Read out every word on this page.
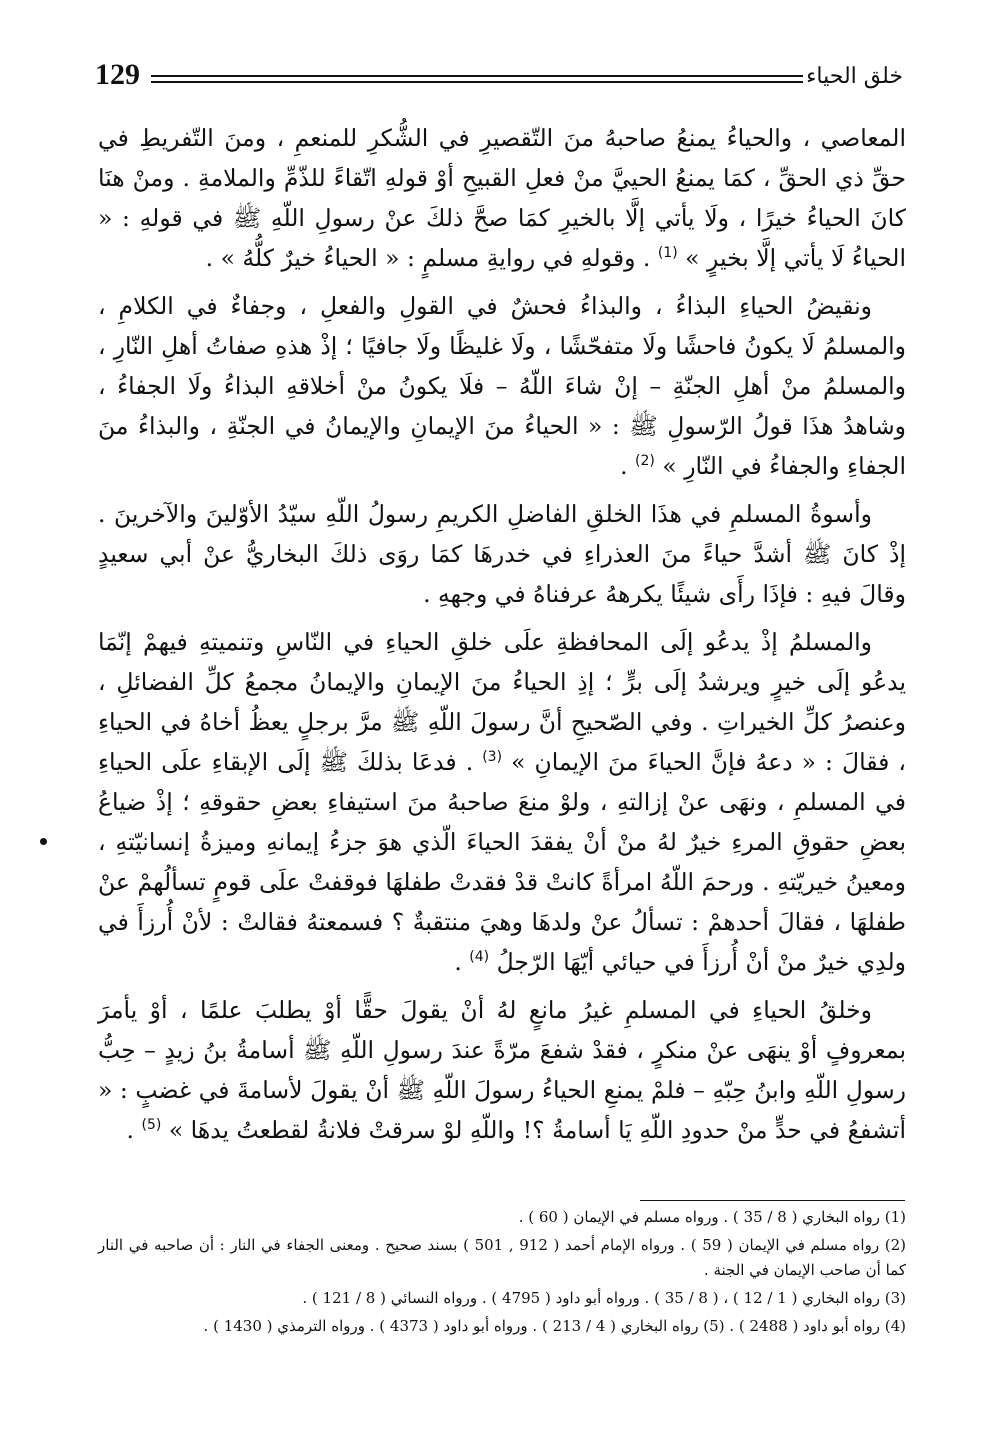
129	خلق الحياء

المعاصي ، والحياءُ يمنعُ صاحبهُ منَ التّقصيرِ في الشُّكرِ للمنعمِ ، ومنَ التّفريطِ في حقِّ ذي الحقِّ ، كمَا يمنعُ الحييَّ منْ فعلِ القبيحِ أوْ قولهِ اتّقاءً للذّمِّ والملامةِ . ومنْ هنَا كانَ الحياءُ خيرًا ، ولَا يأتي إلَّا بالخيرِ كمَا صحَّ ذلكَ عنْ رسولِ اللّهِ ﷺ في قولهِ : « الحياءُ لَا يأتي إلَّا بخيرٍ » $^{(1)}$ . وقولهِ في روايةِ مسلمٍ : « الحياءُ خيرٌ كلُّهُ » .

ونقيضُ الحياءِ البذاءُ ، والبذاءُ فحشٌ في القولِ والفعلِ ، وجفاءٌ في الكلامِ ، والمسلمُ لَا يكونُ فاحشًا ولَا متفحّشًا ، ولَا غليظًا ولَا جافيًا ؛ إذْ هذهِ صفاتُ أهلِ النّارِ ، والمسلمُ منْ أهلِ الجنّةِ – إنْ شاءَ اللّهُ – فلَا يكونُ منْ أخلاقهِ البذاءُ ولَا الجفاءُ ، وشاهدُ هذَا قولُ الرّسولِ ﷺ : « الحياءُ منَ الإيمانِ والإيمانُ في الجنّةِ ، والبذاءُ منَ الجفاءِ والجفاءُ في النّارِ » $^{(2)}$ .

وأسوةُ المسلمِ في هذَا الخلقِ الفاضلِ الكريمِ رسولُ اللّهِ سيّدُ الأوّلينَ والآخرينَ . إذْ كانَ ﷺ أشدَّ حياءً منَ العذراءِ في خدرهَا كمَا روَى ذلكَ البخاريُّ عنْ أبي سعيدٍ وقالَ فيهِ : فإذَا رأَى شيئًا يكرههُ عرفناهُ في وجههِ .

والمسلمُ إذْ يدعُو إلَى المحافظةِ علَى خلقِ الحياءِ في النّاسِ وتنميتهِ فيهمْ إنّمَا يدعُو إلَى خيرٍ ويرشدُ إلَى برٍّ ؛ إذِ الحياءُ منَ الإيمانِ والإيمانُ مجمعُ كلِّ الفضائلِ ، وعنصرُ كلِّ الخيراتِ . وفي الصّحيحِ أنَّ رسولَ اللّهِ ﷺ مرَّ برجلٍ يعظُ أخاهُ في الحياءِ ، فقالَ : « دعهُ فإنَّ الحياءَ منَ الإيمانِ » $^{(3)}$ . فدعَا بذلكَ ﷺ إلَى الإبقاءِ علَى الحياءِ في المسلمِ ، ونهَى عنْ إزالتهِ ، ولوْ منعَ صاحبهُ منَ استيفاءِ بعضِ حقوقهِ ؛ إذْ ضياعُ بعضِ حقوقِ المرءِ خيرٌ لهُ منْ أنْ يفقدَ الحياءَ الّذي هوَ جزءُ إيمانهِ وميزةُ إنسانيّتهِ ، ومعينُ خيريّتهِ . ورحمَ اللّهُ امرأةً كانتْ قدْ فقدتْ طفلهَا فوقفتْ علَى قومٍ تسألُهمْ عنْ طفلهَا ، فقالَ أحدهمْ : تسألُ عنْ ولدهَا وهيَ منتقبةٌ ؟ فسمعتهُ فقالتْ : لأنْ أُرزأَ في ولدِي خيرٌ منْ أنْ أُرزأَ في حيائي أيّهَا الرّجلُ $^{(4)}$ .

وخلقُ الحياءِ في المسلمِ غيرُ مانعٍ لهُ أنْ يقولَ حقًّا أوْ يطلبَ علمًا ، أوْ يأمرَ بمعروفٍ أوْ ينهَى عنْ منكرٍ ، فقدْ شفعَ مرّةً عندَ رسولِ اللّهِ ﷺ أسامةُ بنُ زيدٍ – حِبُّ رسولِ اللّهِ وابنُ حِبّهِ – فلمْ يمنعِ الحياءُ رسولَ اللّهِ ﷺ أنْ يقولَ لأسامةَ في غضبٍ : « أتشفعُ في حدٍّ منْ حدودِ اللّهِ يَا أسامةُ ؟! واللّهِ لوْ سرقتْ فلانةُ لقطعتُ يدهَا » $^{(5)}$ .

(1) رواه البخاري ( 8 / 35 ) . ورواه مسلم في الإيمان ( 60 ) .

(2) رواه مسلم في الإيمان ( 59 ) . ورواه الإمام أحمد ( 912 , 501 ) بسند صحيح . ومعنى الجفاء في النار : أن صاحبه في النار كما أن صاحب الإيمان في الجنة .

(3) رواه البخاري ( 1 / 12 ) ، ( 8 / 35 ) . ورواه أبو داود ( 4795 ) . ورواه النسائي ( 8 / 121 ) .

(4) رواه أبو داود ( 2488 ) . (5) رواه البخاري ( 4 / 213 ) . ورواه أبو داود ( 4373 ) . ورواه الترمذي ( 1430 ) .
